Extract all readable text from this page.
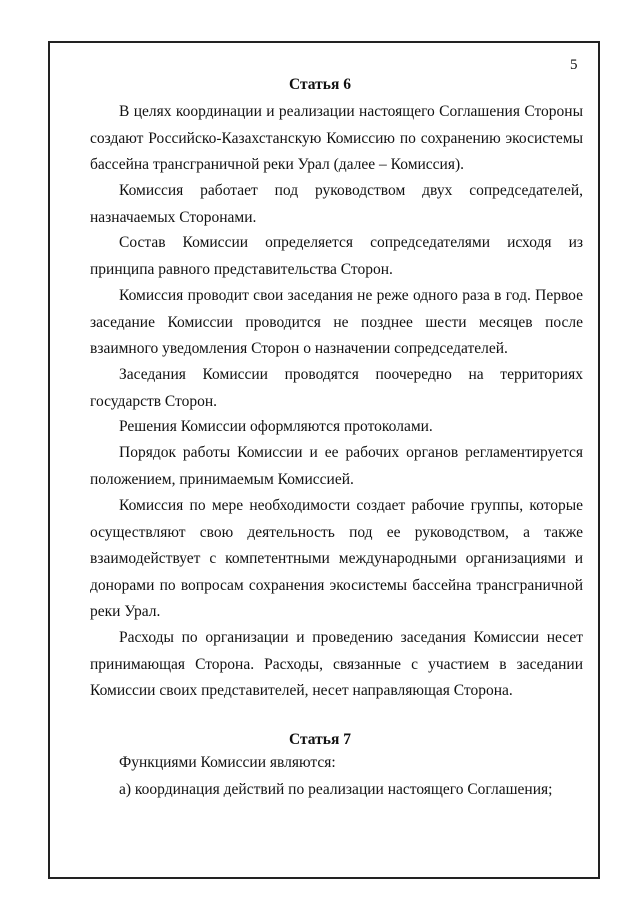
5
Статья 6

В целях координации и реализации настоящего Соглашения Стороны создают Российско-Казахстанскую Комиссию по сохранению экосистемы бассейна трансграничной реки Урал (далее – Комиссия).

Комиссия работает под руководством двух сопредседателей, назначаемых Сторонами.

Состав Комиссии определяется сопредседателями исходя из принципа равного представительства Сторон.

Комиссия проводит свои заседания не реже одного раза в год. Первое заседание Комиссии проводится не позднее шести месяцев после взаимного уведомления Сторон о назначении сопредседателей.

Заседания Комиссии проводятся поочередно на территориях государств Сторон.

Решения Комиссии оформляются протоколами.

Порядок работы Комиссии и ее рабочих органов регламентируется положением, принимаемым Комиссией.

Комиссия по мере необходимости создает рабочие группы, которые осуществляют свою деятельность под ее руководством, а также взаимодействует с компетентными международными организациями и донорами по вопросам сохранения экосистемы бассейна трансграничной реки Урал.

Расходы по организации и проведению заседания Комиссии несет принимающая Сторона. Расходы, связанные с участием в заседании Комиссии своих представителей, несет направляющая Сторона.

Статья 7

Функциями Комиссии являются:

а) координация действий по реализации настоящего Соглашения;
